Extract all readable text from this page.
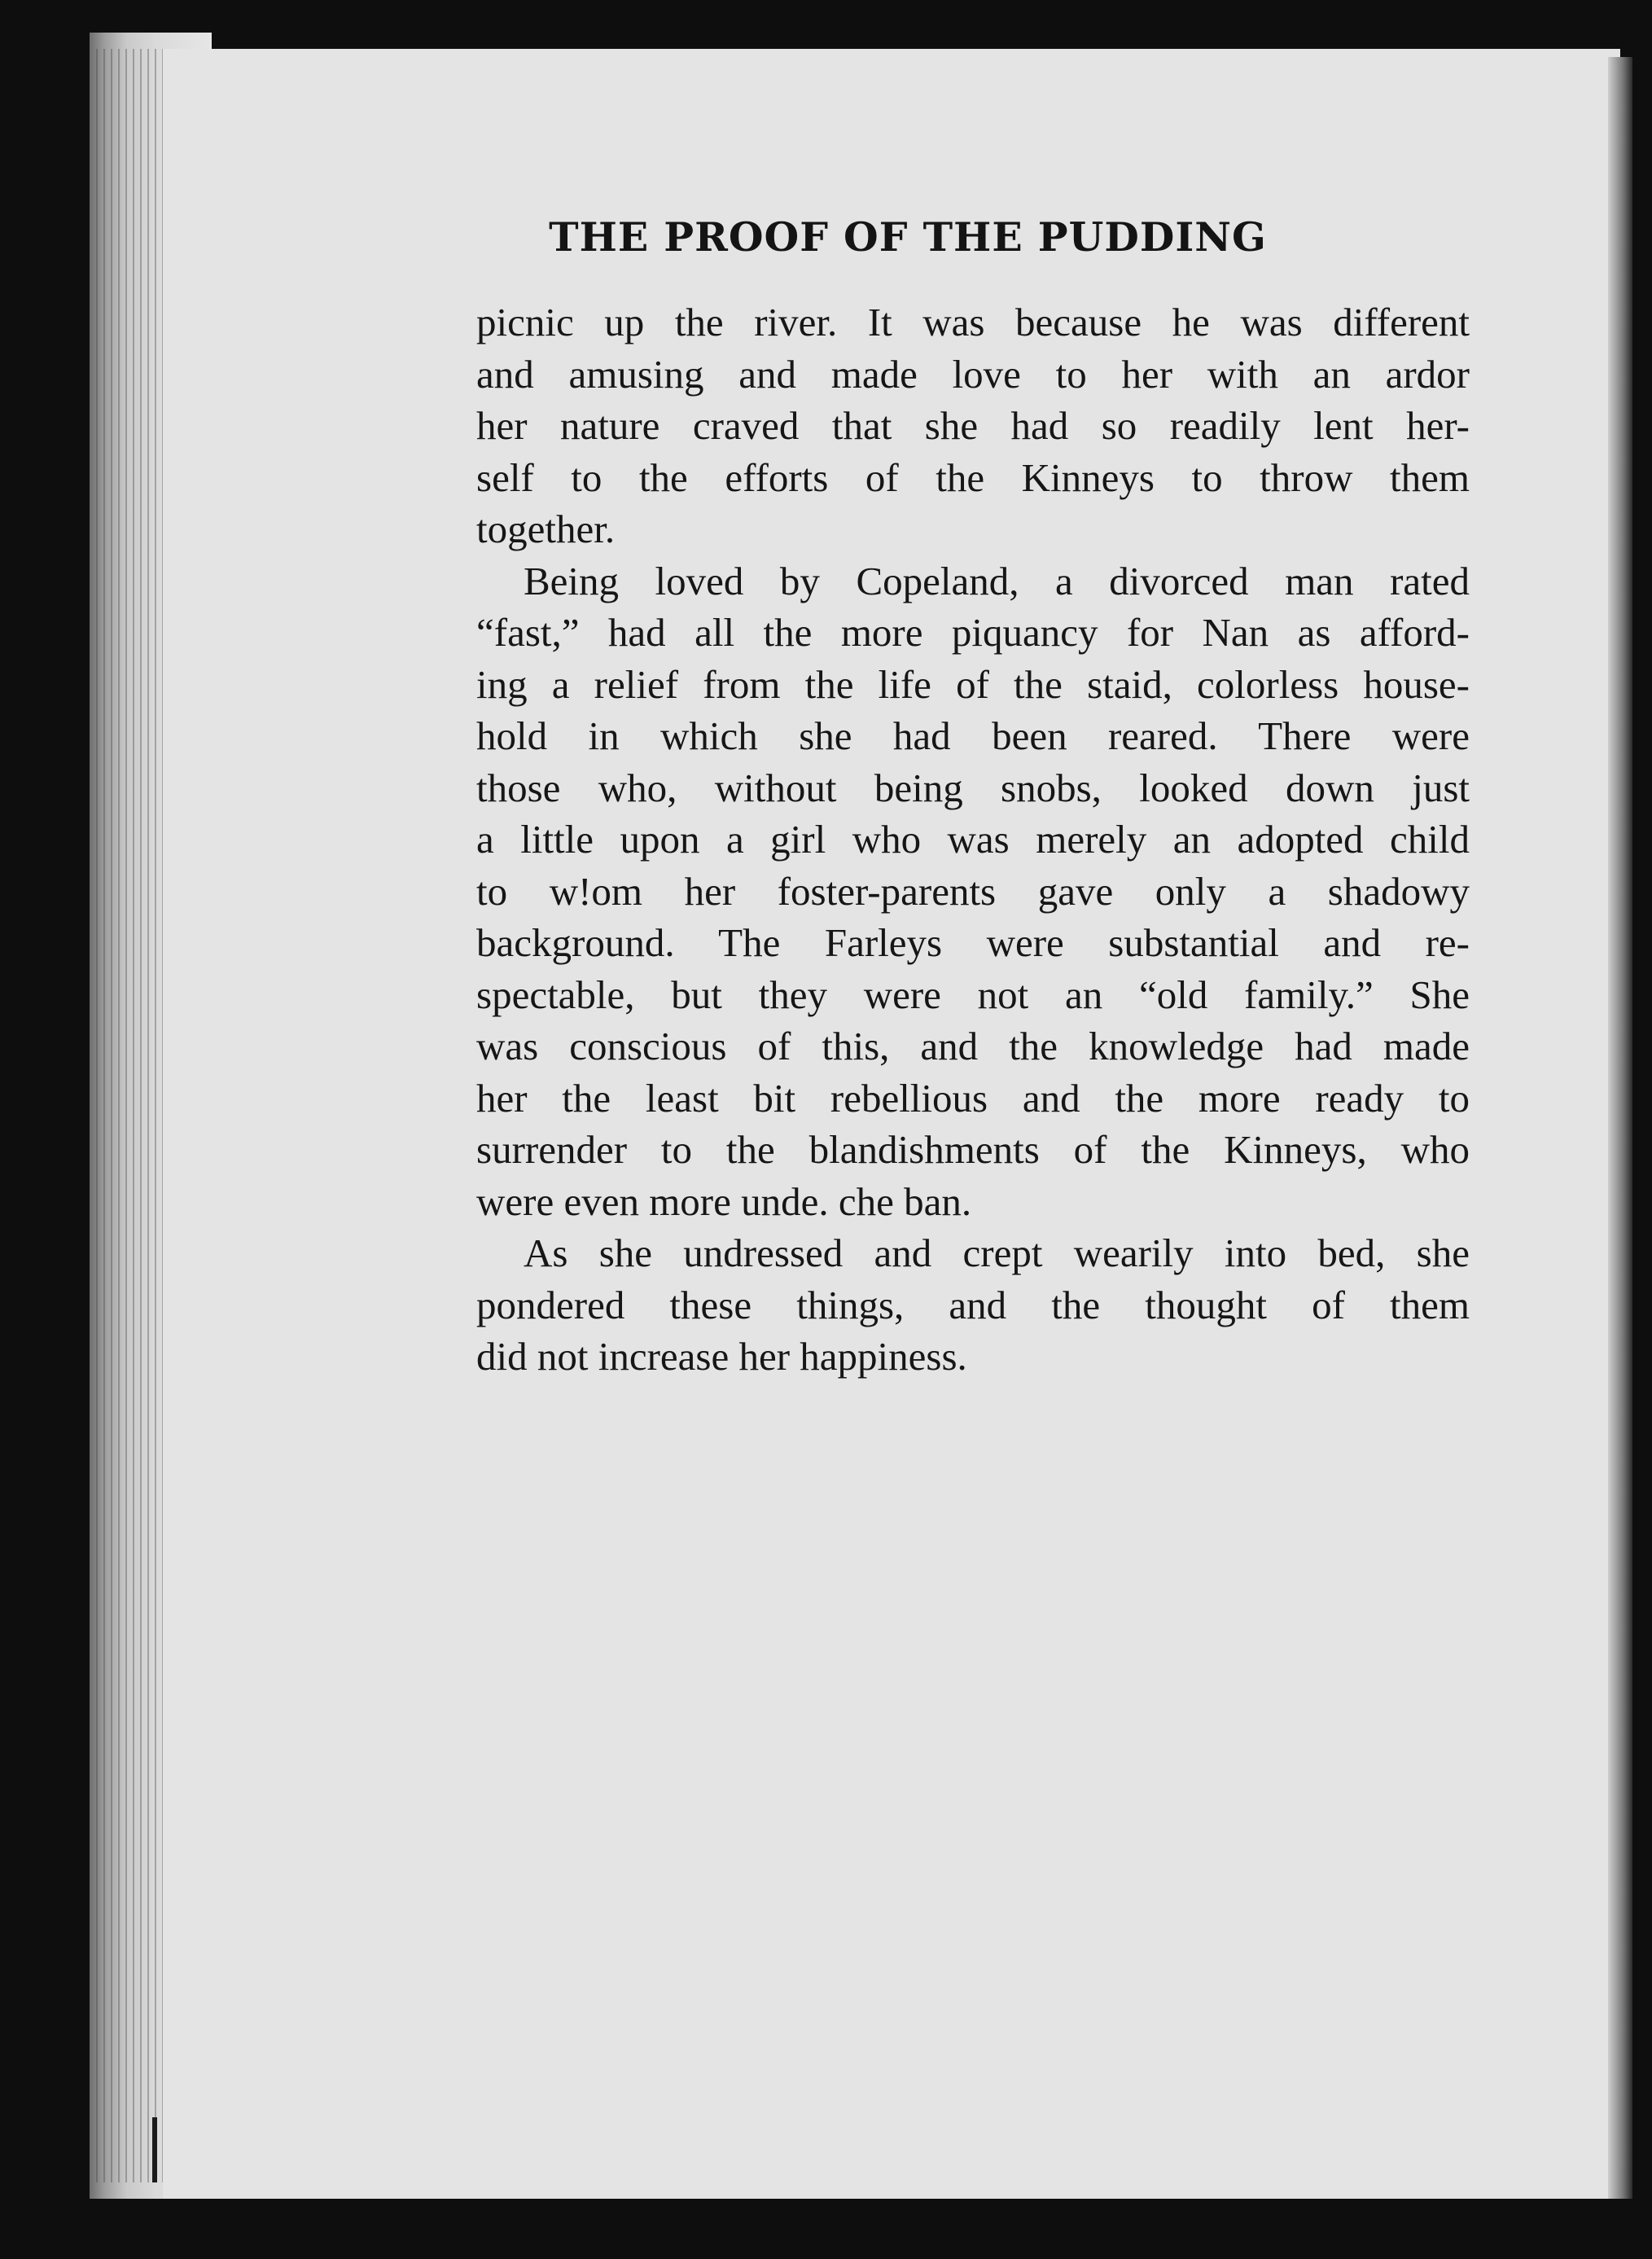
THE PROOF OF THE PUDDING
picnic up the river. It was because he was different
and amusing and made love to her with an ardor
her nature craved that she had so readily lent her-
self to the efforts of the Kinneys to throw them
together.
Being loved by Copeland, a divorced man rated
“fast,” had all the more piquancy for Nan as afford-
ing a relief from the life of the staid, colorless house-
hold in which she had been reared. There were
those who, without being snobs, looked down just
a little upon a girl who was merely an adopted child
to w!om her foster-parents gave only a shadowy
background. The Farleys were substantial and re-
spectable, but they were not an “old family.” She
was conscious of this, and the knowledge had made
her the least bit rebellious and the more ready to
surrender to the blandishments of the Kinneys, who
were even more unde. che ban.
As she undressed and crept wearily into bed, she
pondered these things, and the thought of them
did not increase her happiness.
